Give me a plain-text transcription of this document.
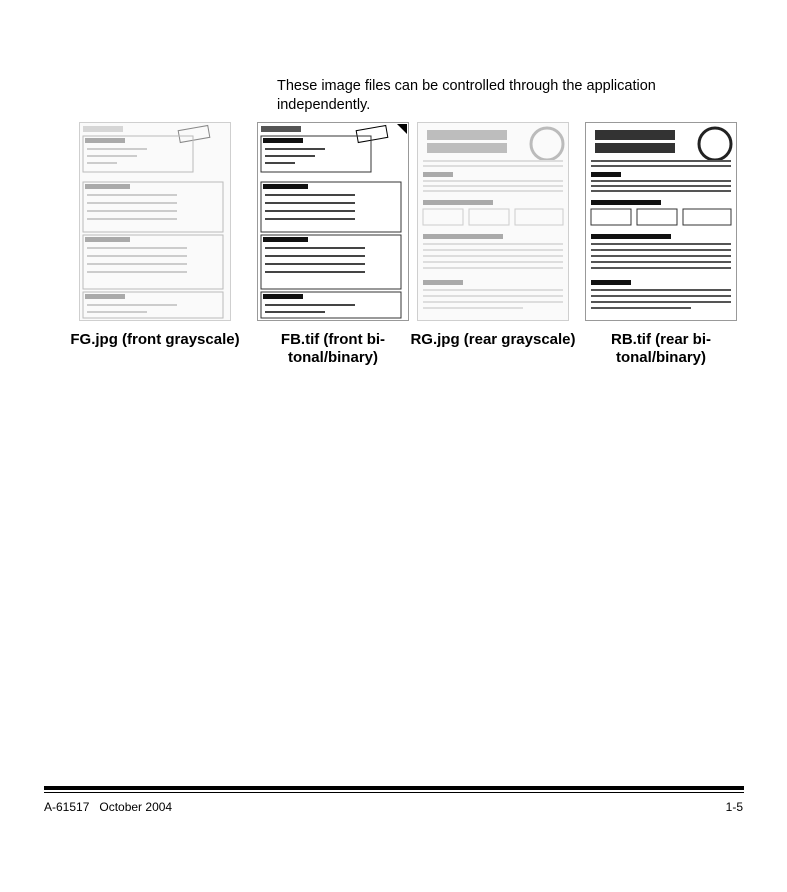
These image files can be controlled through the application independently.
FG.jpg (front grayscale)	FB.tif (front bi-tonal/binary)
RG.jpg (rear grayscale)	RB.tif (rear bi-tonal/binary)
A-61517   October 2004	1-5
